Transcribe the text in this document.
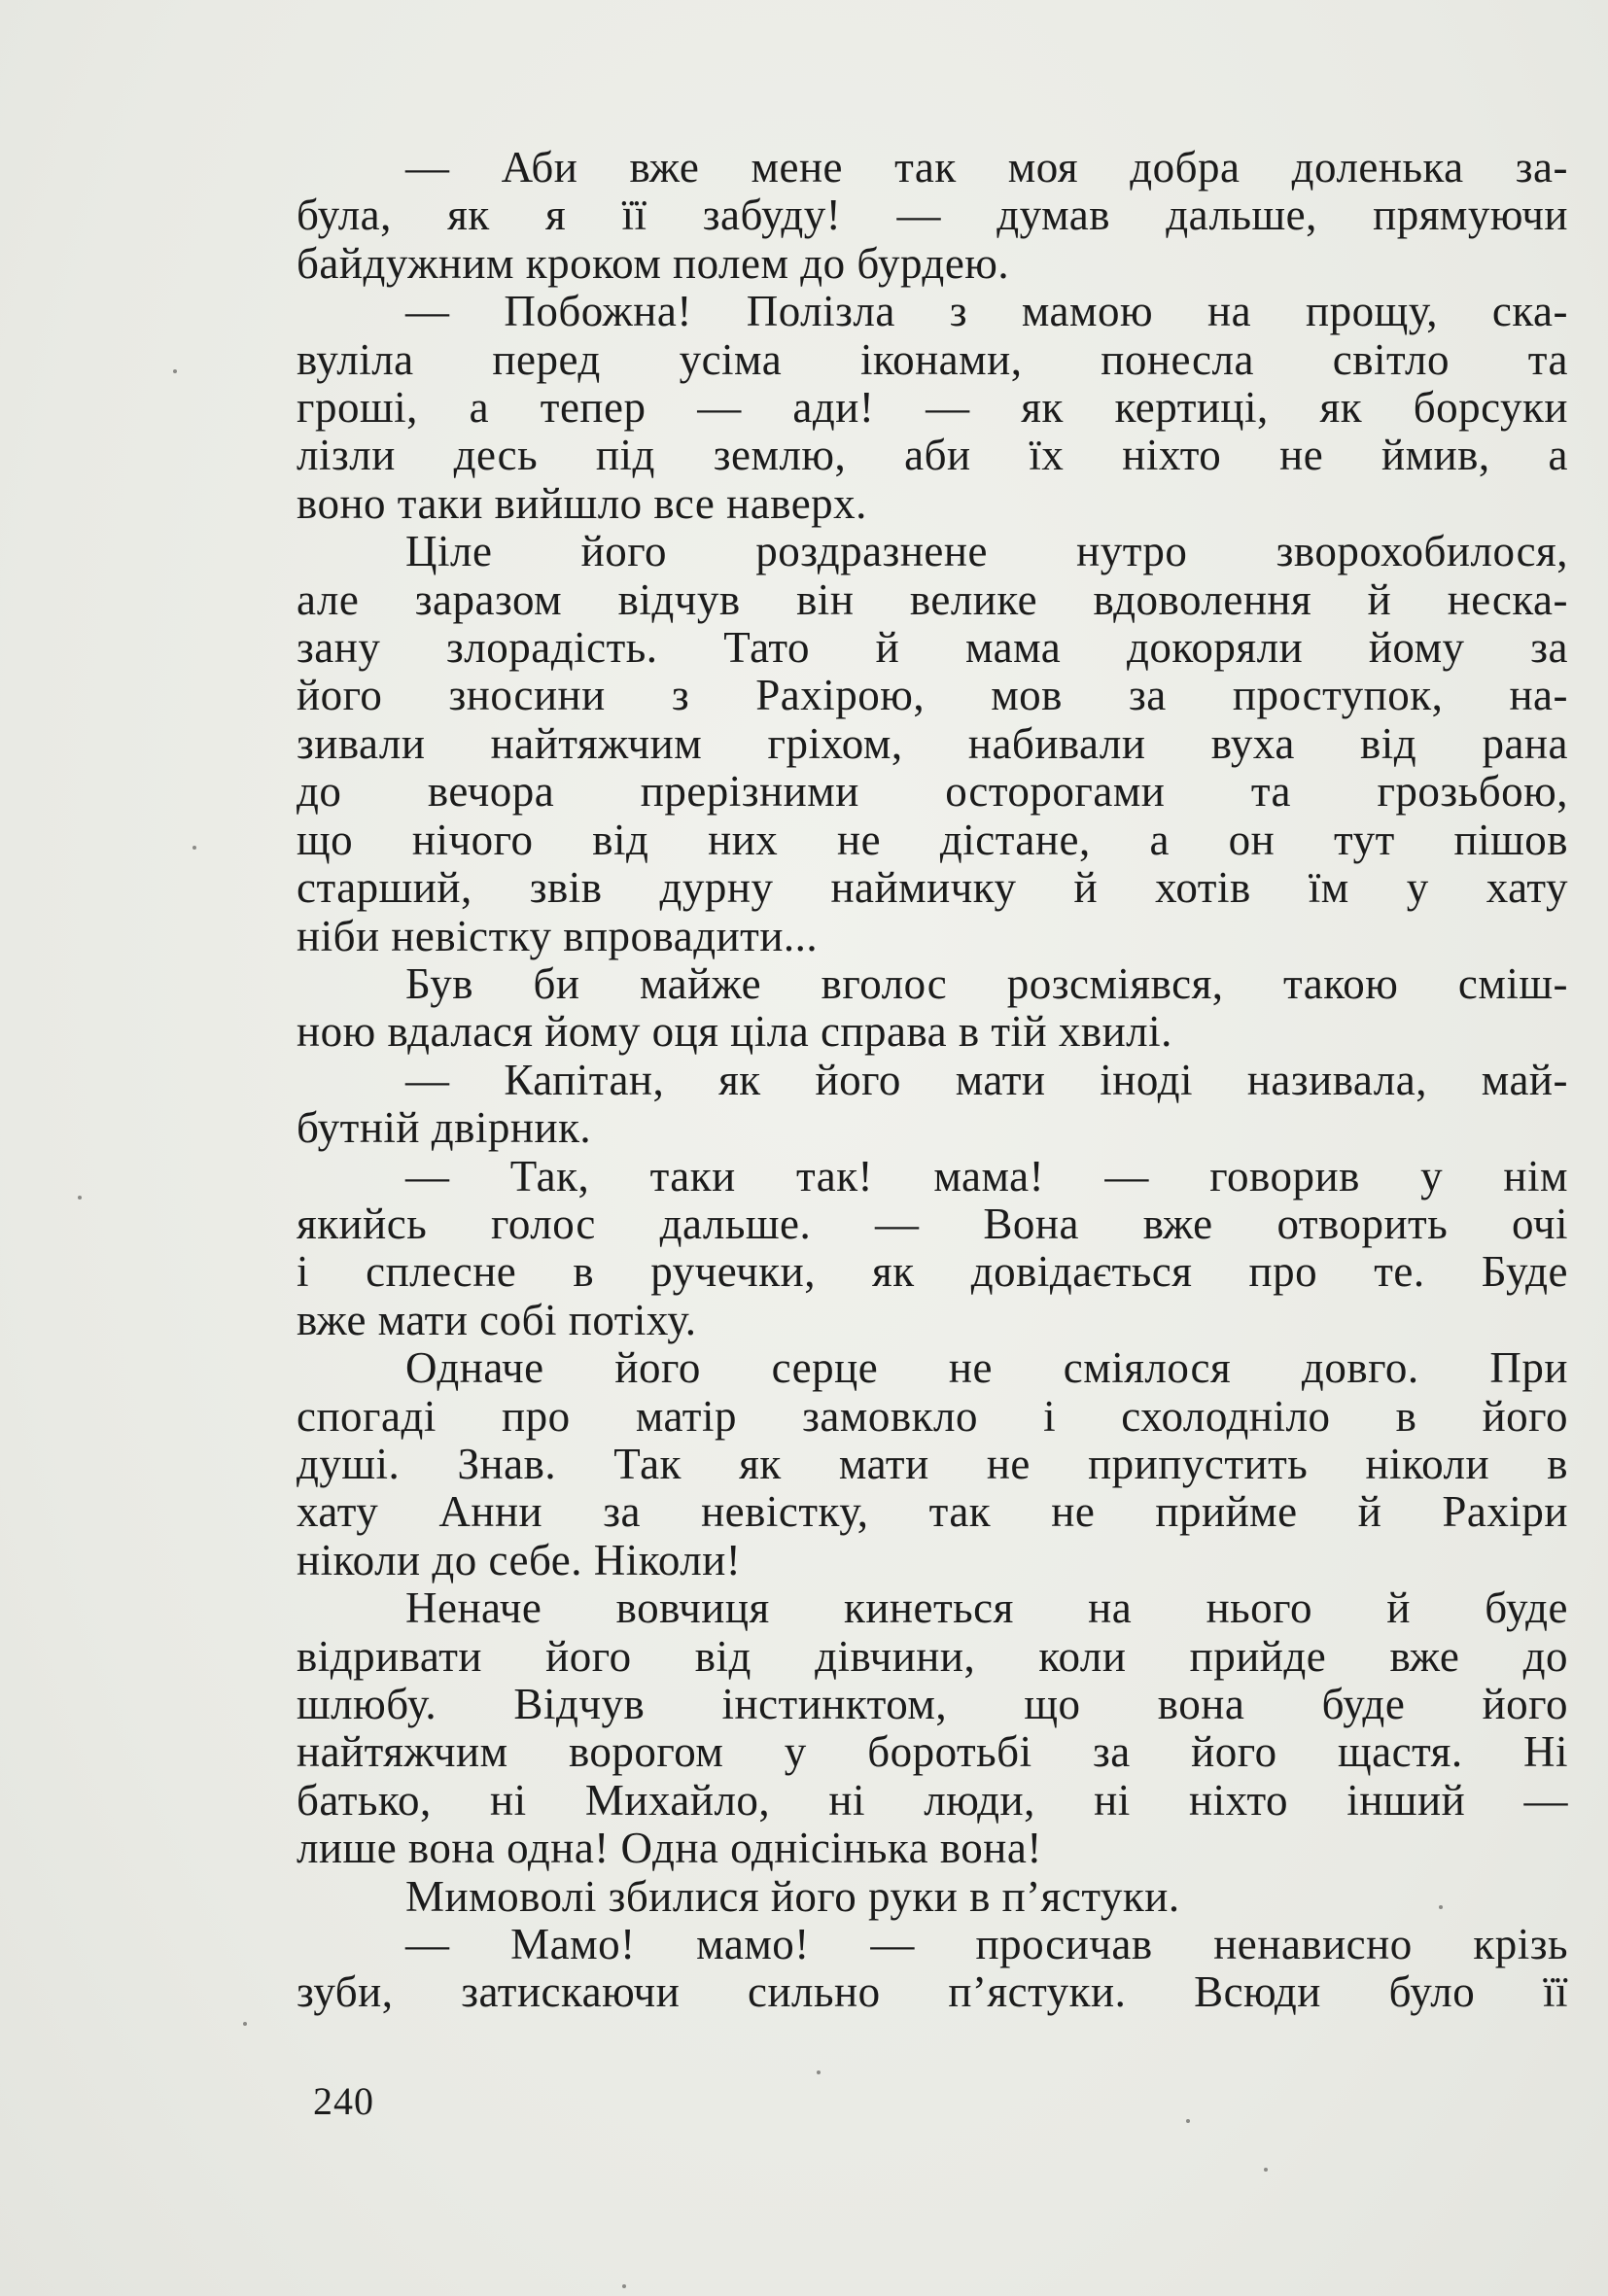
— Аби вже мене так моя добра доленька за-
була, як я її забуду! — думав дальше, прямуючи
байдужним кроком полем до бурдею.
— Побожна! Полізла з мамою на прощу, ска-
вуліла перед усіма іконами, понесла світло та
гроші, а тепер — ади! — як кертиці, як борсуки
лізли десь під землю, аби їх ніхто не ймив, а
воно таки вийшло все наверх.
Ціле його роздразнене нутро зворохобилося,
але заразом відчув він велике вдоволення й неска-
зану злорадість. Тато й мама докоряли йому за
його зносини з Рахірою, мов за проступок, на-
зивали найтяжчим гріхом, набивали вуха від рана
до вечора прерізними осторогами та грозьбою,
що нічого від них не дістане, а он тут пішов
старший, звів дурну наймичку й хотів їм у хату
ніби невістку впровадити...
Був би майже вголос розсміявся, такою сміш-
ною вдалася йому оця ціла справа в тій хвилі.
— Капітан, як його мати іноді називала, май-
бутній двірник.
— Так, таки так! мама! — говорив у нім
якийсь голос дальше. — Вона вже отворить очі
і сплесне в ручечки, як довідається про те. Буде
вже мати собі потіху.
Одначе його серце не сміялося довго. При
спогаді про матір замовкло і схолодніло в його
душі. Знав. Так як мати не припустить ніколи в
хату Анни за невістку, так не прийме й Рахіри
ніколи до себе. Ніколи!
Неначе вовчиця кинеться на нього й буде
відривати його від дівчини, коли прийде вже до
шлюбу. Відчув інстинктом, що вона буде його
найтяжчим ворогом у боротьбі за його щастя. Ні
батько, ні Михайло, ні люди, ні ніхто інший —
лише вона одна! Одна однісінька вона!
Мимоволі збилися його руки в п’ястуки.
— Мамо! мамо! — просичав ненависно крізь
зуби, затискаючи сильно п’ястуки. Всюди було її
240
